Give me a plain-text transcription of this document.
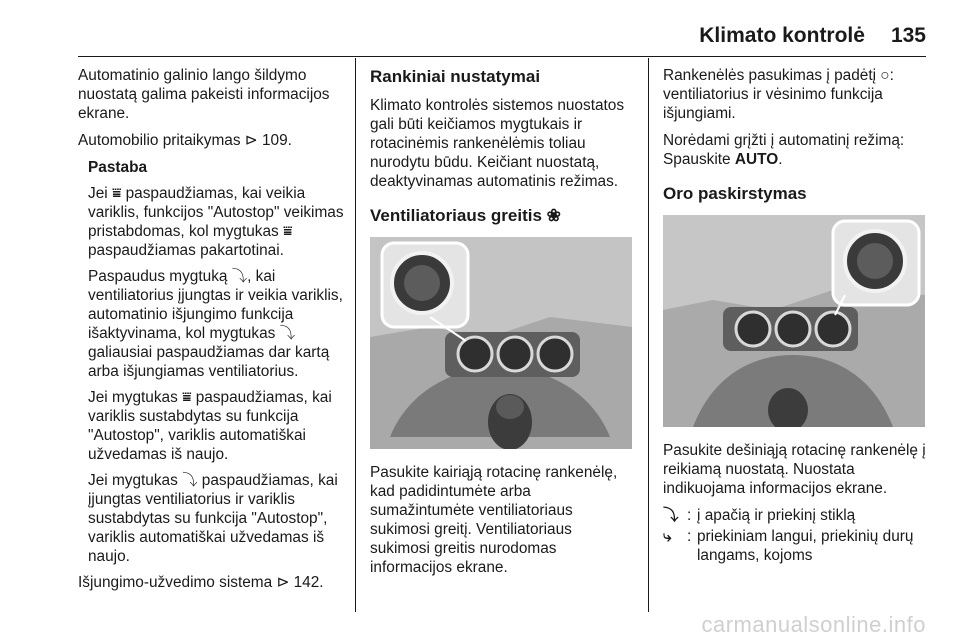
Klimato kontrolė 135

Automatinio galinio lango šildymo nuostatą galima pakeisti informacijos ekrane.

Automobilio pritaikymas ⊳ 109.

Pastaba

Jei ⩸ paspaudžiamas, kai veikia variklis, funkcijos "Autostop" veikimas pristabdomas, kol mygtukas ⩸ paspaudžiamas pakartotinai.

Paspaudus mygtuką ⤵, kai ventiliatorius įjungtas ir veikia variklis, automatinio išjungimo funkcija išaktyvinama, kol mygtukas ⤵ galiausiai paspaudžiamas dar kartą arba išjungiamas ventiliatorius.

Jei mygtukas ⩸ paspaudžiamas, kai variklis sustabdytas su funkcija "Autostop", variklis automatiškai užvedamas iš naujo.

Jei mygtukas ⤵ paspaudžiamas, kai įjungtas ventiliatorius ir variklis sustabdytas su funkcija "Autostop", variklis automatiškai užvedamas iš naujo.

Išjungimo-užvedimo sistema ⊳ 142.

Rankiniai nustatymai

Klimato kontrolės sistemos nuostatos gali būti keičiamos mygtukais ir rotacinėmis rankenėlėmis toliau nurodytu būdu. Keičiant nuostatą, deaktyvinamas automatinis režimas.

Ventiliatoriaus greitis ❀

Pasukite kairiąją rotacinę rankenėlę, kad padidintumėte arba sumažintumėte ventiliatoriaus sukimosi greitį. Ventiliatoriaus sukimosi greitis nurodomas informacijos ekrane.

Rankenėlės pasukimas į padėtį ○: ventiliatorius ir vėsinimo funkcija išjungiami.

Norėdami grįžti į automatinį režimą: Spauskite AUTO.

Oro paskirstymas

Pasukite dešiniąją rotacinę rankenėlę į reikiamą nuostatą. Nuostata indikuojama informacijos ekrane.

⤵ : į apačią ir priekinį stiklą
⤷ : priekiniam langui, priekinių durų langams, kojoms
carmanualsonline.info
